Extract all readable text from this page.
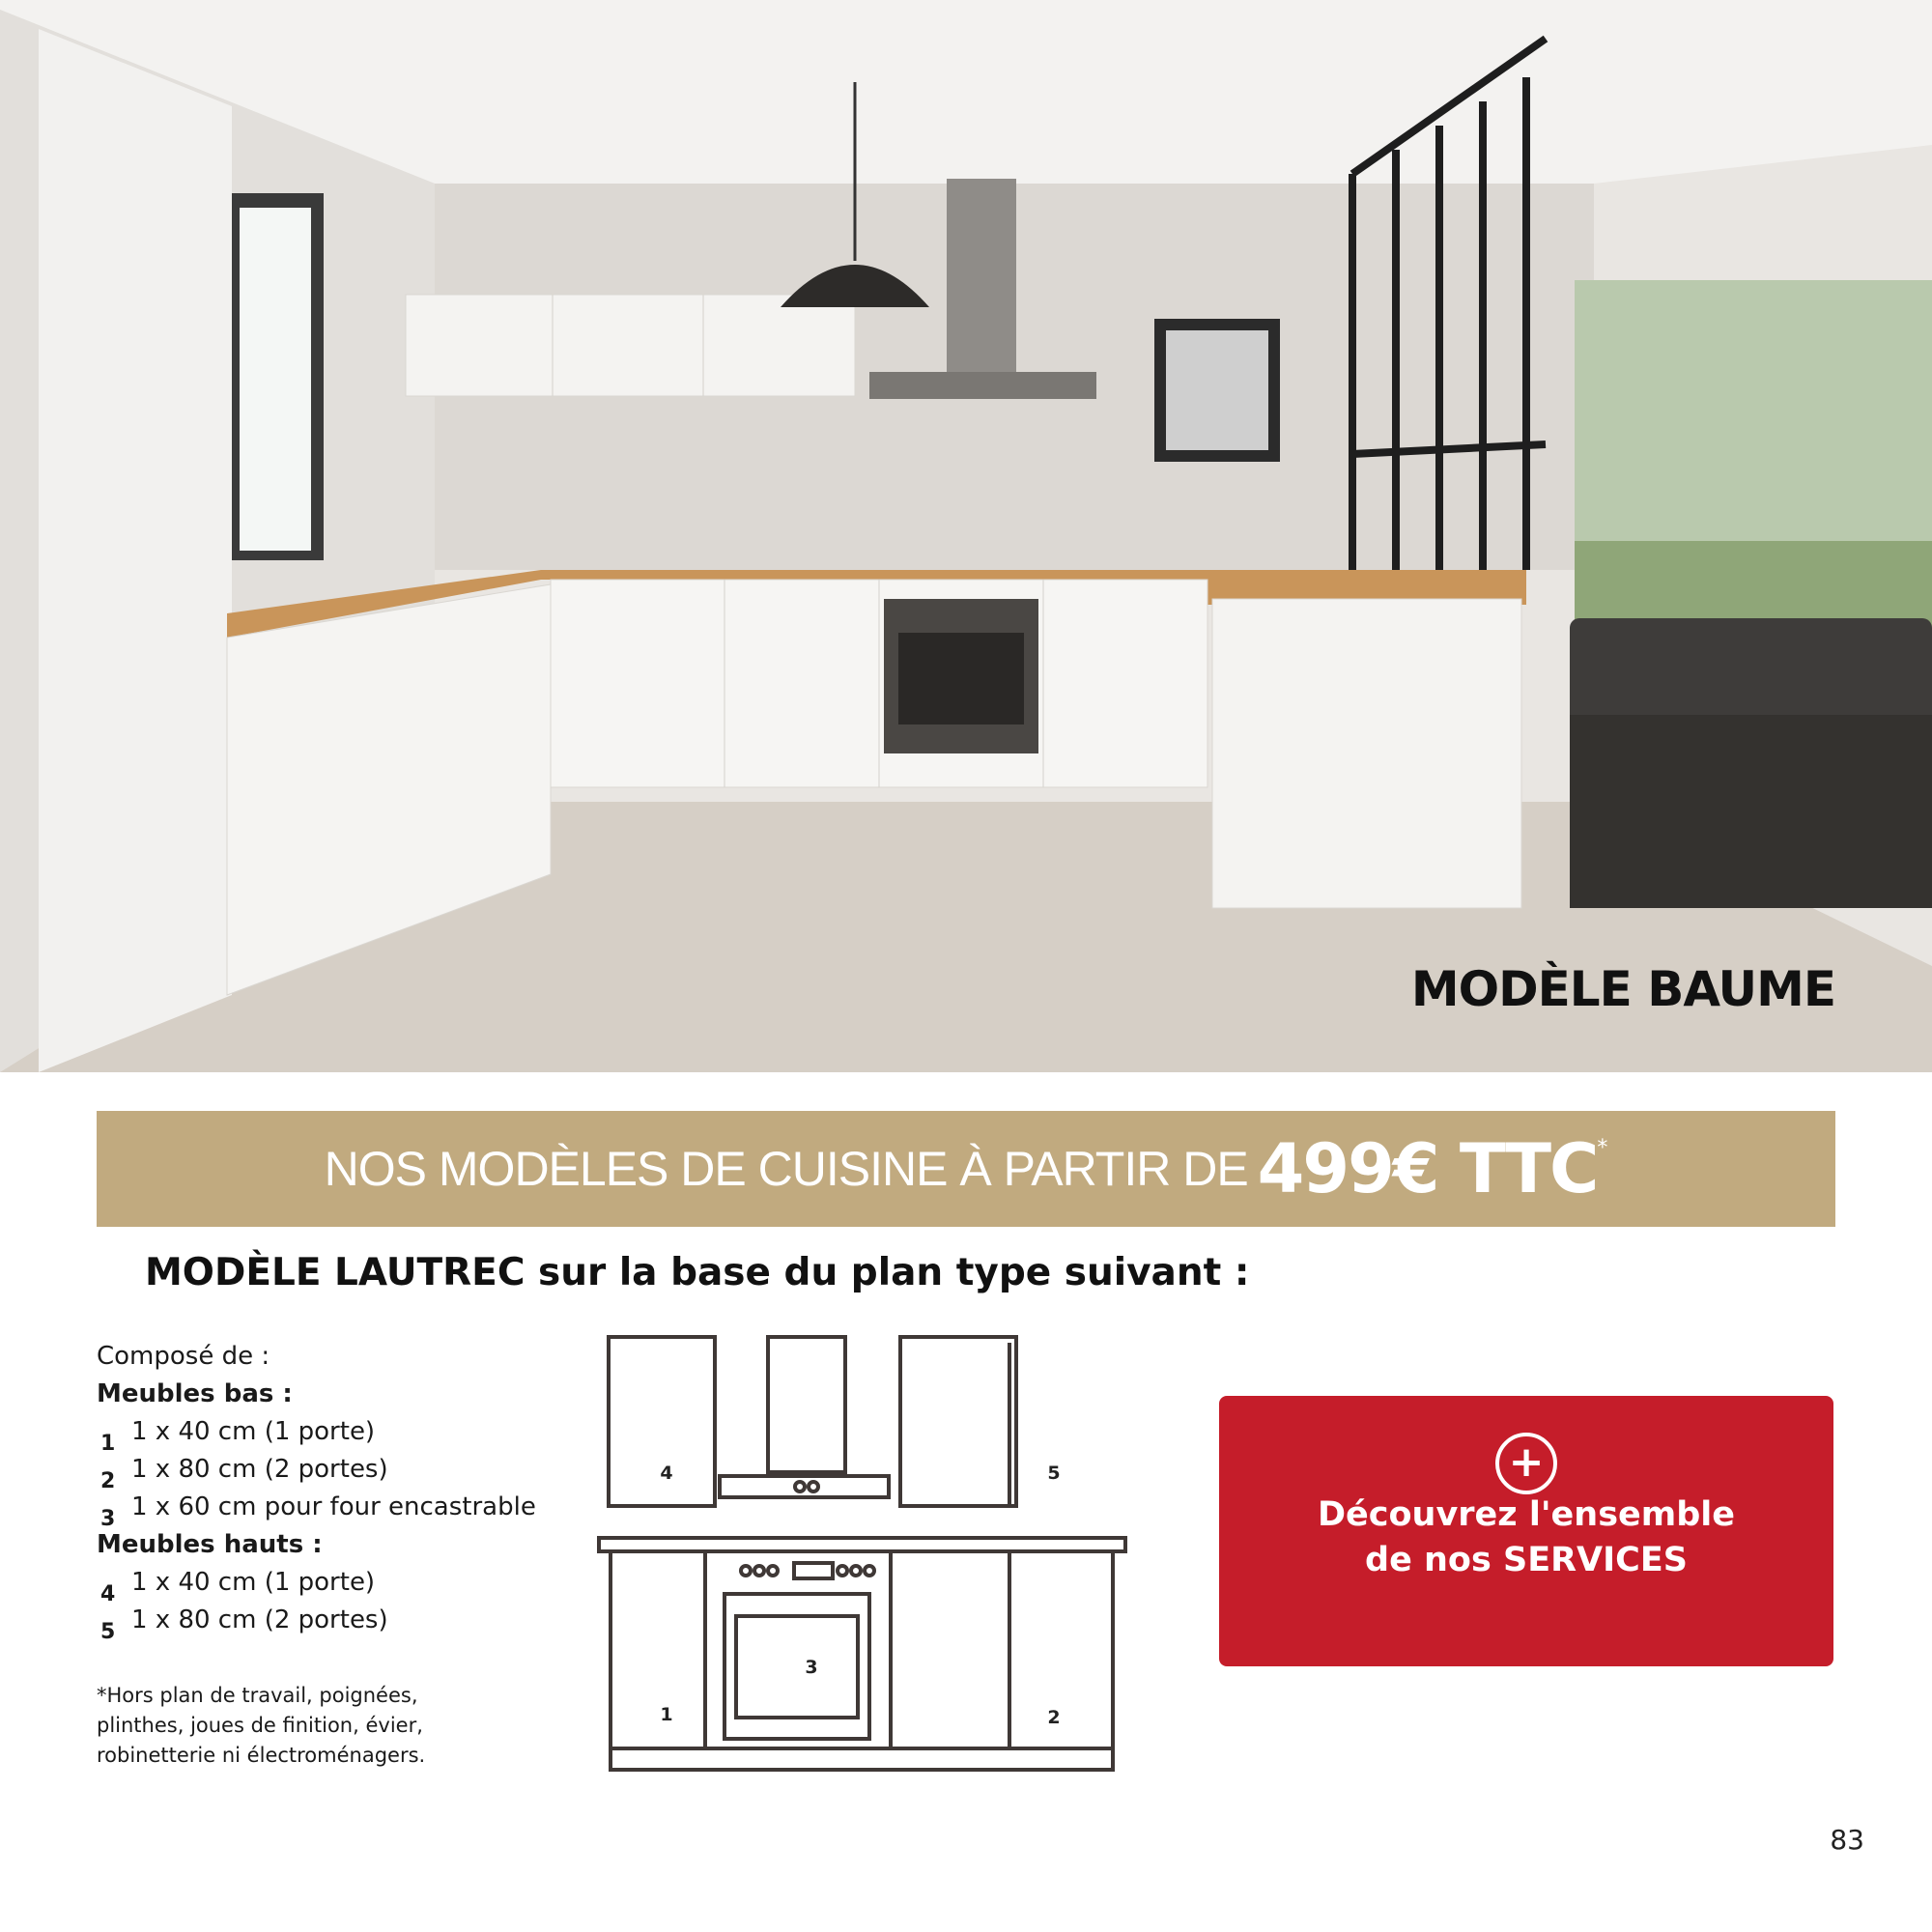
MODÈLE BAUME
NOS MODÈLES DE CUISINE À PARTIR DE 499€ TTC *
MODÈLE LAUTREC sur la base du plan type suivant :
Composé de :
Meubles bas :
1 1 x 40 cm (1 porte)
2 1 x 80 cm (2 portes)
3 1 x 60 cm pour four encastrable
Meubles hauts :
4 1 x 40 cm (1 porte)
5 1 x 80 cm (2 portes)
*Hors plan de travail, poignées, plinthes, joues de finition, évier, robinetterie ni électroménagers.
1	2
3
4	5	+
Découvrez l'ensemble
de nos SERVICES
83
